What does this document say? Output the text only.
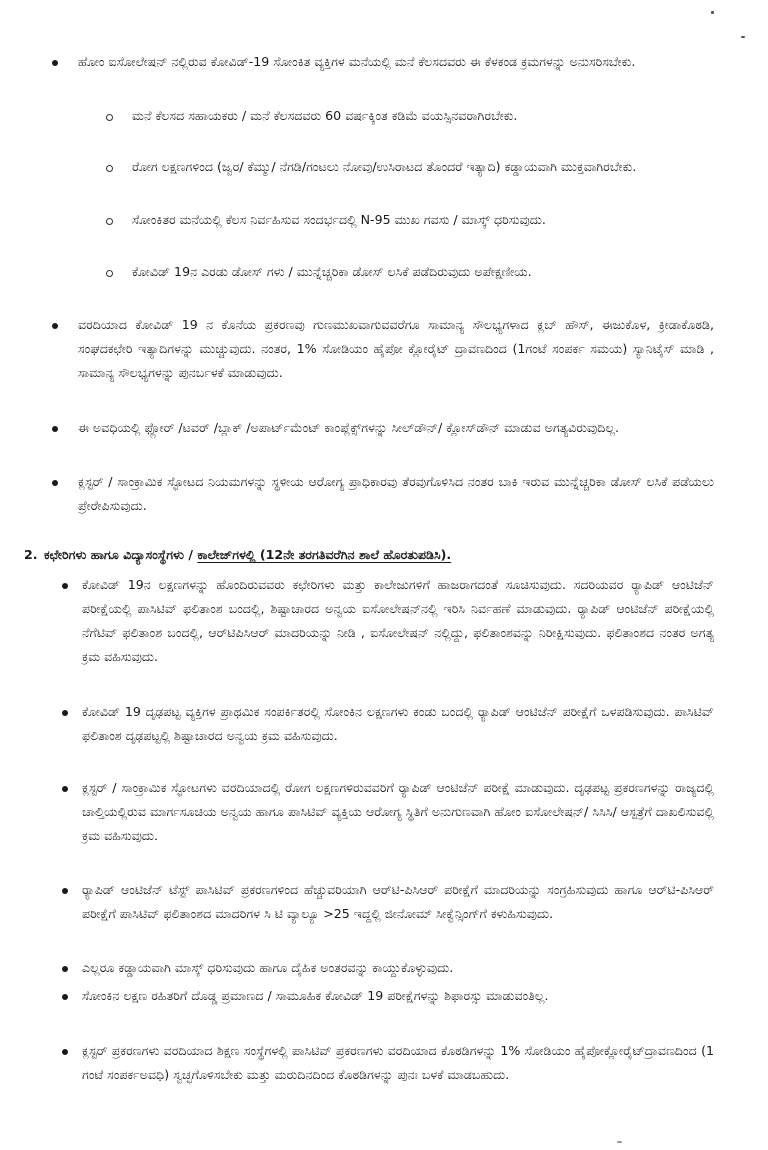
ಹೋಂ ಐಸೋಲೇಷನ್ ನಲ್ಲಿರುವ ಕೋವಿಡ್-19 ಸೋಂಕಿತ ವ್ಯಕ್ತಿಗಳ ಮನೆಯಲ್ಲಿ ಮನೆ ಕೆಲಸದವರು ಈ ಕೆಳಕಂಡ ಕ್ರಮಗಳನ್ನು ಅನುಸರಿಸಬೇಕು.
ಮನೆ ಕೆಲಸದ ಸಹಾಯಕರು / ಮನೆ ಕೆಲಸದವರು 60 ವರ್ಷಕ್ಕಿಂತ ಕಡಿಮೆ ವಯಸ್ಸಿನವರಾಗಿರಬೇಕು.
ರೋಗ ಲಕ್ಷಣಗಳಿಂದ (ಜ್ವರ/ ಕೆಮ್ಮು/ ನೆಗಡಿ/ಗಂಟಲು ನೋವು/ಉಸಿರಾಟದ ತೊಂದರೆ ಇತ್ಯಾದಿ) ಕಡ್ಡಾಯವಾಗಿ ಮುಕ್ತವಾಗಿರಬೇಕು.
ಸೋಂಕಿತರ ಮನೆಯಲ್ಲಿ ಕೆಲಸ ನಿರ್ವಹಿಸುವ ಸಂದರ್ಭದಲ್ಲಿ N-95 ಮುಖ ಗವಸು / ಮಾಸ್ಕ್ ಧರಿಸುವುದು.
ಕೋವಿಡ್ 19ನ ಎರಡು ಡೋಸ್ ಗಳು / ಮುನ್ನೆಚ್ಚರಿಕಾ ಡೋಸ್ ಲಸಿಕೆ ಪಡೆದಿರುವುದು ಅಪೇಕ್ಷಣೀಯ.
ವರದಿಯಾದ ಕೋವಿಡ್ 19 ನ ಕೊನೆಯ ಪ್ರಕರಣವು ಗುಣಮುಖವಾಗುವವರೆಗೂ ಸಾಮಾನ್ಯ ಸೌಲಭ್ಯಗಳಾದ ಕ್ಲಬ್ ಹೌಸ್, ಈಜುಕೊಳ, ಕ್ರೀಡಾಕೊಠಡಿ, ಸಂಘದಕಛೇರಿ ಇತ್ಯಾದಿಗಳನ್ನು ಮುಚ್ಚುವುದು. ನಂತರ, 1% ಸೋಡಿಯಂ ಹೈಪೋ ಕ್ಲೋರೈಟ್ ದ್ರಾವಣದಿಂದ (1ಗಂಟೆ ಸಂಪರ್ಕ ಸಮಯ) ಸ್ಯಾನಿಟೈಸ್ ಮಾಡಿ , ಸಾಮಾನ್ಯ ಸೌಲಭ್ಯಗಳನ್ನು ಪುನರ್ಬಳಕೆ ಮಾಡುವುದು.
ಈ ಅವಧಿಯಲ್ಲಿ ಫ್ಲೋರ್ /ಟವರ್ /ಬ್ಲಾಕ್ /ಅಪಾರ್ಟ್‌ಮೆಂಟ್ ಕಾಂಪ್ಲೆಕ್ಸ್‌ಗಳನ್ನು ಸೀಲ್‌ಡೌನ್/ ಕ್ಲೋಸ್‌ಡೌನ್ ಮಾಡುವ ಅಗತ್ಯವಿರುವುದಿಲ್ಲ.
ಕ್ಲಸ್ಟರ್ / ಸಾಂಕ್ರಾಮಿಕ ಸ್ಫೋಟದ ನಿಯಮಗಳನ್ನು ಸ್ಥಳೀಯ ಆರೋಗ್ಯ ಪ್ರಾಧಿಕಾರವು ತೆರವುಗೊಳಿಸಿದ ನಂತರ ಬಾಕಿ ಇರುವ ಮುನ್ನೆಚ್ಚರಿಕಾ ಡೋಸ್ ಲಸಿಕೆ ಪಡೆಯಲು ಪ್ರೇರೇಪಿಸುವುದು.
2. ಕಛೇರಿಗಳು ಹಾಗೂ ವಿದ್ಯಾಸಂಸ್ಥೆಗಳು / ಕಾಲೇಜ್‌ಗಳಲ್ಲಿ (12ನೇ ತರಗತಿವರೆಗಿನ ಶಾಲೆ ಹೊರತುಪಡಿಸಿ).
ಕೋವಿಡ್ 19ನ ಲಕ್ಷಣಗಳನ್ನು ಹೊಂದಿರುವವರು ಕಛೇರಿಗಳು ಮತ್ತು ಕಾಲೇಜುಗಳಿಗೆ ಹಾಜರಾಗದಂತೆ ಸೂಚಿಸುವುದು. ಸದರಿಯವರ ರ್‍ಯಾಪಿಡ್ ಆಂಟಿಜೆನ್ ಪರೀಕ್ಷೆಯಲ್ಲಿ ಪಾಸಿಟಿವ್ ಫಲಿತಾಂಶ ಬಂದಲ್ಲಿ, ಶಿಷ್ಟಾಚಾರದ ಅನ್ವಯ ಐಸೋಲೇಷನ್‌ನಲ್ಲಿ ಇರಿಸಿ ನಿರ್ವಹಣೆ ಮಾಡುವುದು. ರ್‍ಯಾಪಿಡ್ ಆಂಟಿಜೆನ್ ಪರೀಕ್ಷೆಯಲ್ಲಿ ನೆಗೆಟಿವ್ ಫಲಿತಾಂಶ ಬಂದಲ್ಲಿ, ಆರ್‌ಟಿಪಿಸಿಆರ್ ಮಾದರಿಯನ್ನು ನೀಡಿ , ಐಸೋಲೇಷನ್ ನಲ್ಲಿದ್ದು, ಫಲಿತಾಂಶವನ್ನು ನಿರೀಕ್ಷಿಸುವುದು. ಫಲಿತಾಂಶದ ನಂತರ ಅಗತ್ಯ ಕ್ರಮ ವಹಿಸುವುದು.
ಕೋವಿಡ್ 19 ದೃಢಪಟ್ಟ ವ್ಯಕ್ತಿಗಳ ಪ್ರಾಥಮಿಕ ಸಂಪರ್ಕಿತರಲ್ಲಿ ಸೋಂಕಿನ ಲಕ್ಷಣಗಳು ಕಂಡು ಬಂದಲ್ಲಿ ರ್‍ಯಾಪಿಡ್ ಆಂಟಿಜೆನ್ ಪರೀಕ್ಷೆಗೆ ಒಳಪಡಿಸುವುದು. ಪಾಸಿಟಿವ್ ಫಲಿತಾಂಶ ದೃಢಪಟ್ಟಲ್ಲಿ ಶಿಷ್ಟಾಚಾರದ ಅನ್ವಯ ಕ್ರಮ ವಹಿಸುವುದು.
ಕ್ಲಸ್ಟರ್ / ಸಾಂಕ್ರಾಮಿಕ ಸ್ಫೋಟಗಳು ವರದಿಯಾದಲ್ಲಿ ರೋಗ ಲಕ್ಷಣಗಳಿರುವವರಿಗೆ ರ್‍ಯಾಪಿಡ್ ಆಂಟಿಜೆನ್ ಪರೀಕ್ಷೆ ಮಾಡುವುದು. ದೃಢಪಟ್ಟ ಪ್ರಕರಣಗಳನ್ನು ರಾಜ್ಯದಲ್ಲಿ ಚಾಲ್ತಿಯಲ್ಲಿರುವ ಮಾರ್ಗಸೂಚಿಯ ಅನ್ವಯ ಹಾಗೂ ಪಾಸಿಟಿವ್ ವ್ಯಕ್ತಿಯ ಆರೋಗ್ಯ ಸ್ಥಿತಿಗೆ ಅನುಗುಣವಾಗಿ ಹೋಂ ಐಸೋಲೇಷನ್/ ಸಿಸಿಸಿ/ ಆಸ್ಪತ್ರೆಗೆ ದಾಖಲಿಸುವಲ್ಲಿ ಕ್ರಮ ವಹಿಸುವುದು.
ರ್‍ಯಾಪಿಡ್ ಆಂಟಿಜೆನ್ ಟೆಸ್ಟ್ ಪಾಸಿಟಿವ್ ಪ್ರಕರಣಗಳಿಂದ ಹೆಚ್ಚುವರಿಯಾಗಿ ಆರ್‌ಟಿ-ಪಿಸಿಆರ್ ಪರೀಕ್ಷೆಗೆ ಮಾದರಿಯನ್ನು ಸಂಗ್ರಹಿಸುವುದು ಹಾಗೂ ಆರ್‌ಟಿ-ಪಿಸಿಆರ್ ಪರೀಕ್ಷೆಗೆ ಪಾಸಿಟಿವ್ ಫಲಿತಾಂಶದ ಮಾದರಿಗಳ ಸಿ ಟಿ ವ್ಯಾಲ್ಯೂ >25 ಇದ್ದಲ್ಲಿ ಜೀನೋಮ್ ಸೀಕ್ವೆನ್ಸಿಂಗ್‌ಗೆ ಕಳುಹಿಸುವುದು.
ಎಲ್ಲರೂ ಕಡ್ಡಾಯವಾಗಿ ಮಾಸ್ಕ್ ಧರಿಸುವುದು ಹಾಗೂ ದೈಹಿಕ ಅಂತರವನ್ನು ಕಾಯ್ದುಕೊಳ್ಳುವುದು.
ಸೋಂಕಿನ ಲಕ್ಷಣ ರಹಿತರಿಗೆ ದೊಡ್ಡ ಪ್ರಮಾಣದ / ಸಾಮೂಹಿಕ ಕೋವಿಡ್ 19 ಪರೀಕ್ಷೆಗಳನ್ನು ಶಿಫಾರಸ್ಸು ಮಾಡುವಂತಿಲ್ಲ.
ಕ್ಲಸ್ಟರ್ ಪ್ರಕರಣಗಳು ವರದಿಯಾದ ಶಿಕ್ಷಣ ಸಂಸ್ಥೆಗಳಲ್ಲಿ ಪಾಸಿಟಿವ್ ಪ್ರಕರಣಗಳು ವರದಿಯಾದ ಕೊಠಡಿಗಳನ್ನು 1% ಸೋಡಿಯಂ ಹೈಪೋಕ್ಲೋರೈಟ್‌ದ್ರಾವಣದಿಂದ (1 ಗಂಟೆ ಸಂಪರ್ಕಅವಧಿ) ಸ್ವಚ್ಛಗೊಳಿಸಬೇಕು ಮತ್ತು ಮರುದಿನದಿಂದ ಕೊಠಡಿಗಳನ್ನು ಪುನಃ ಬಳಕೆ ಮಾಡಬಹುದು.
